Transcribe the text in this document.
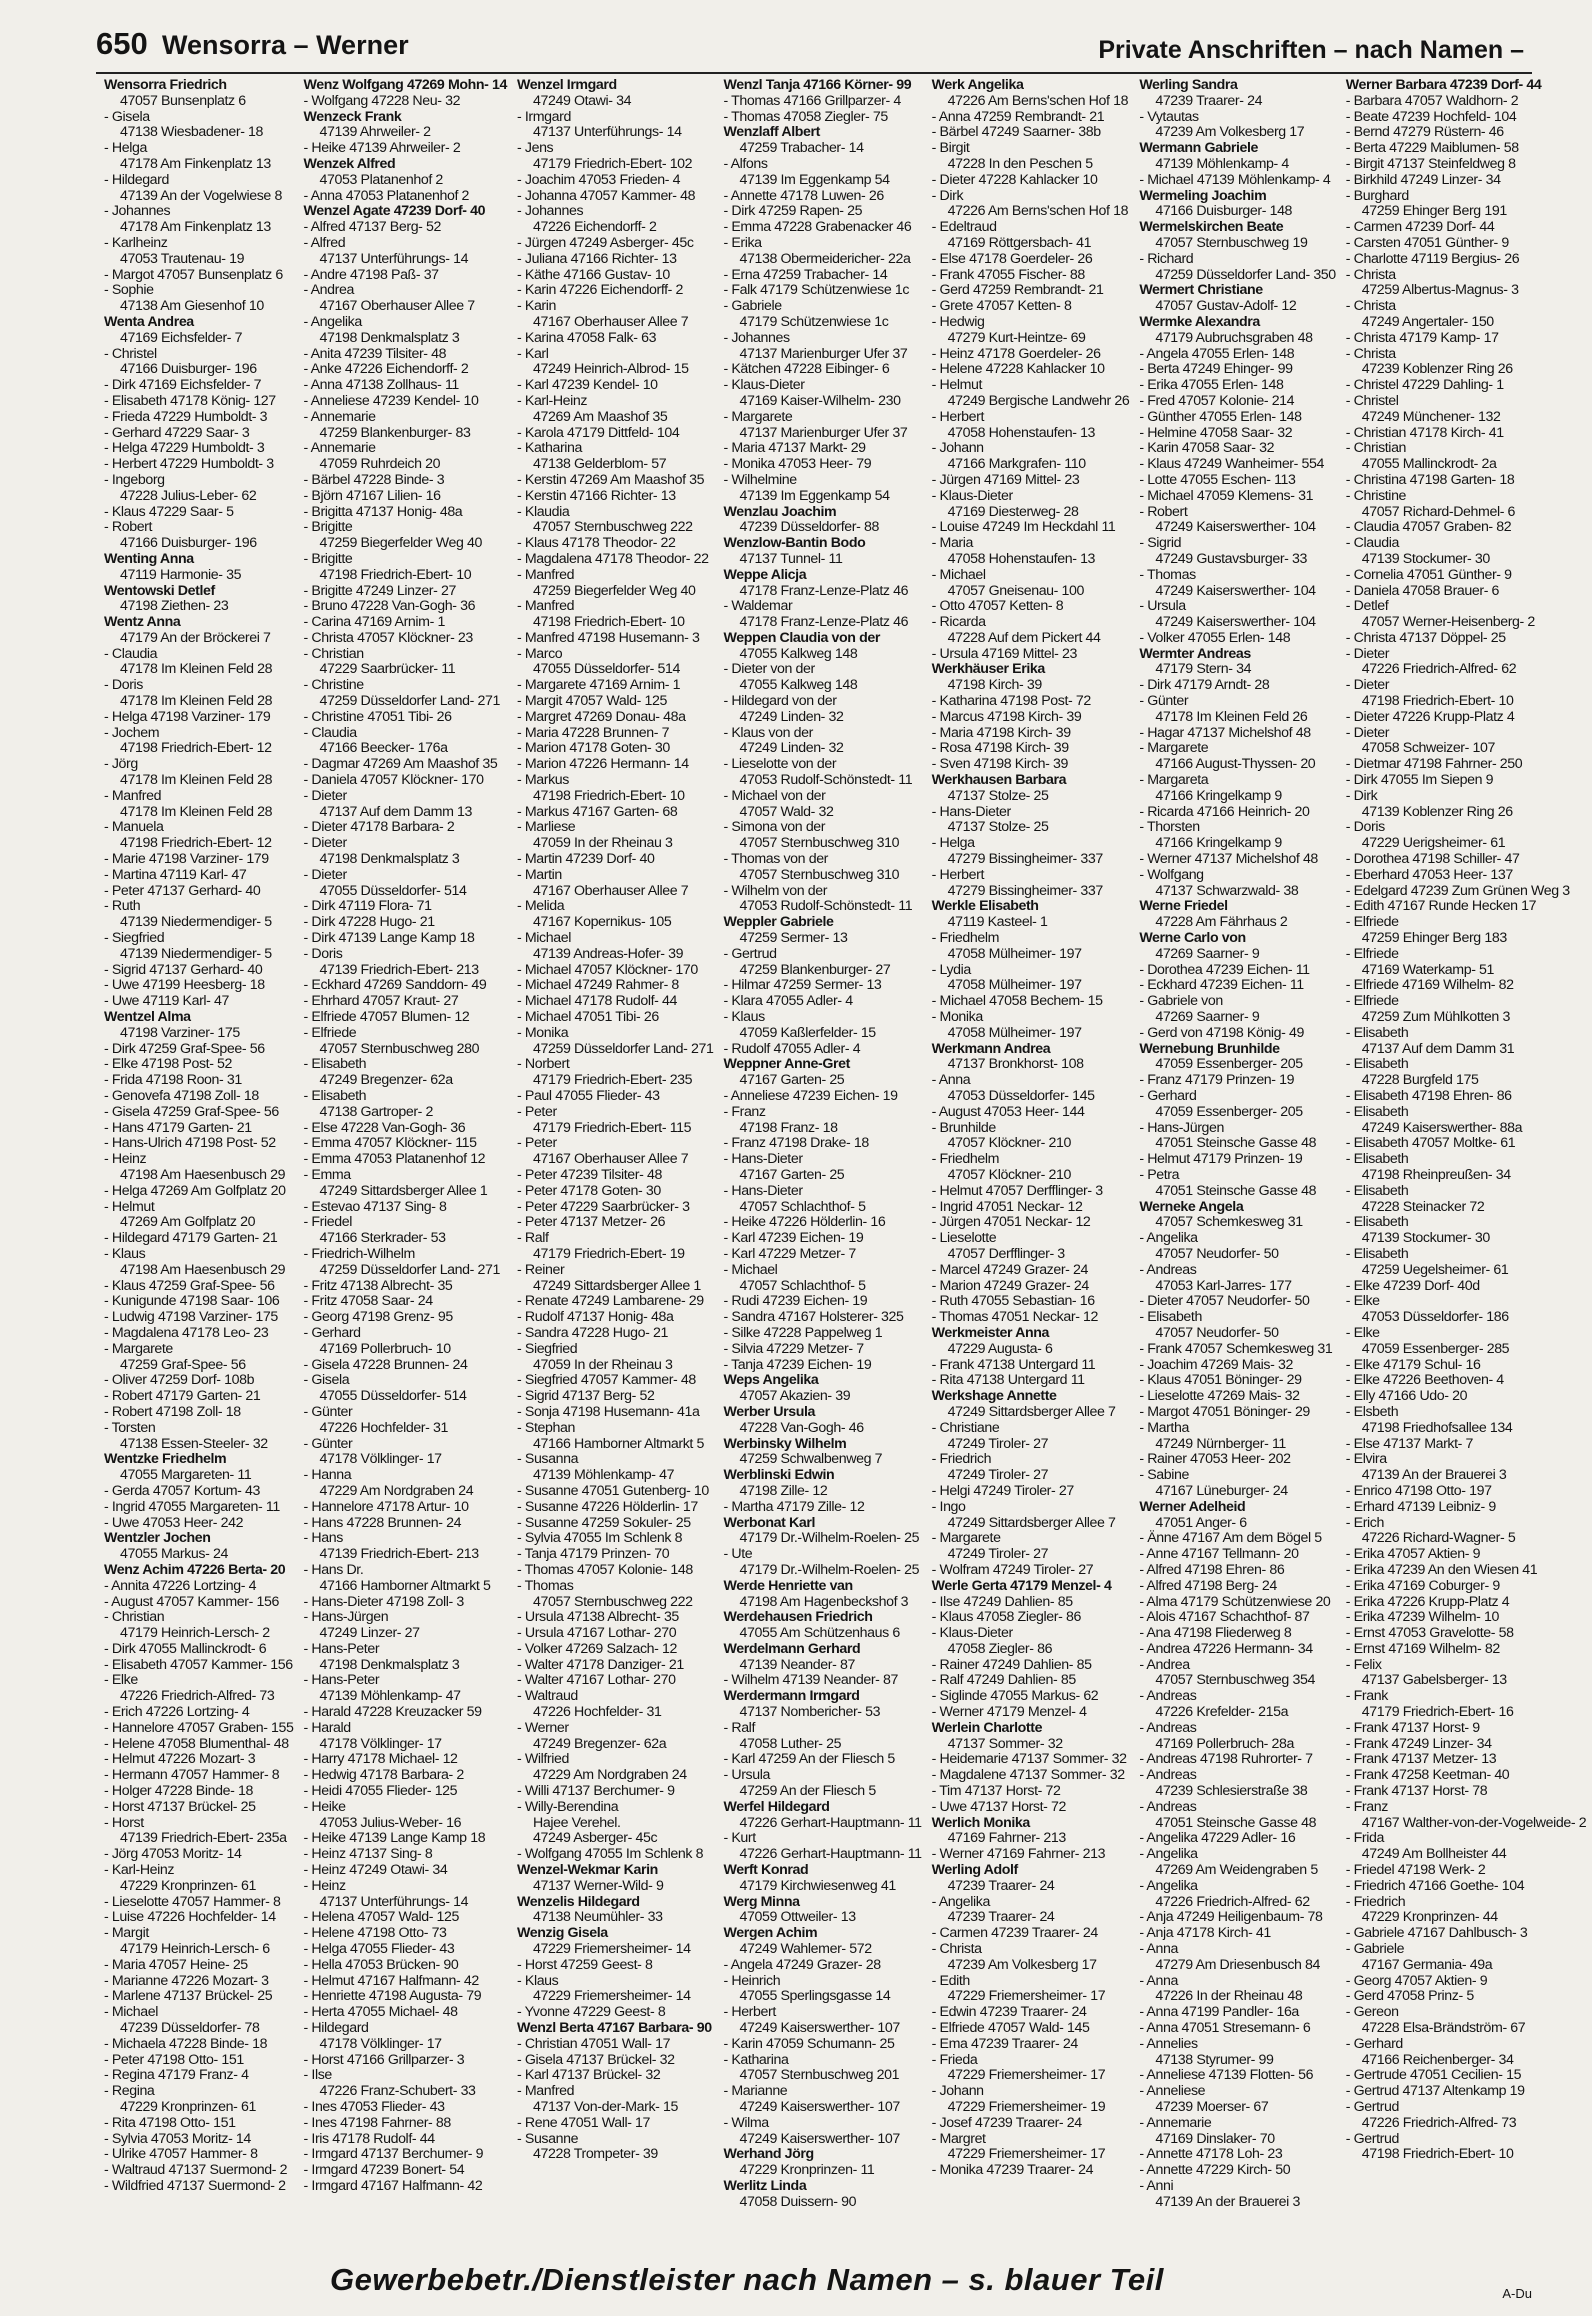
650 Wensorra – Werner	Private Anschriften – nach Namen –
Wensorra Friedrich
47057 Bunsenplatz 6
- Gisela
47138 Wiesbadener- 18
- Helga
47178 Am Finkenplatz 13
- Hildegard
47139 An der Vogelwiese 8
- Johannes
47178 Am Finkenplatz 13
- Karlheinz
47053 Trautenau- 19
- Margot 47057 Bunsenplatz 6
- Sophie
47138 Am Giesenhof 10
Wenta Andrea
47169 Eichsfelder- 7
- Christel
47166 Duisburger- 196
- Dirk 47169 Eichsfelder- 7
- Elisabeth 47178 König- 127
- Frieda 47229 Humboldt- 3
- Gerhard 47229 Saar- 3
- Helga 47229 Humboldt- 3
- Herbert 47229 Humboldt- 3
- Ingeborg
47228 Julius-Leber- 62
- Klaus 47229 Saar- 5
- Robert
47166 Duisburger- 196
Wenting Anna
47119 Harmonie- 35
Wentowski Detlef
47198 Ziethen- 23
Wentz Anna
47179 An der Bröckerei 7
- Claudia
47178 Im Kleinen Feld 28
- Doris
47178 Im Kleinen Feld 28
- Helga 47198 Varziner- 179
- Jochem
47198 Friedrich-Ebert- 12
- Jörg
47178 Im Kleinen Feld 28
- Manfred
47178 Im Kleinen Feld 28
- Manuela
47198 Friedrich-Ebert- 12
- Marie 47198 Varziner- 179
- Martina 47119 Karl- 47
- Peter 47137 Gerhard- 40
- Ruth
47139 Niedermendiger- 5
- Siegfried
47139 Niedermendiger- 5
- Sigrid 47137 Gerhard- 40
- Uwe 47199 Heesberg- 18
- Uwe 47119 Karl- 47
Wentzel Alma
47198 Varziner- 175
- Dirk 47259 Graf-Spee- 56
- Elke 47198 Post- 52
- Frida 47198 Roon- 31
- Genovefa 47198 Zoll- 18
- Gisela 47259 Graf-Spee- 56
- Hans 47179 Garten- 21
- Hans-Ulrich 47198 Post- 52
- Heinz
47198 Am Haesenbusch 29
- Helga 47269 Am Golfplatz 20
- Helmut
47269 Am Golfplatz 20
- Hildegard 47179 Garten- 21
- Klaus
47198 Am Haesenbusch 29
- Klaus 47259 Graf-Spee- 56
- Kunigunde 47198 Saar- 106
- Ludwig 47198 Varziner- 175
- Magdalena 47178 Leo- 23
- Margarete
47259 Graf-Spee- 56
- Oliver 47259 Dorf- 108b
- Robert 47179 Garten- 21
- Robert 47198 Zoll- 18
- Torsten
47138 Essen-Steeler- 32
Wentzke Friedhelm
47055 Margareten- 11
- Gerda 47057 Kortum- 43
- Ingrid 47055 Margareten- 11
- Uwe 47053 Heer- 242
Wentzler Jochen
47055 Markus- 24
Wenz Achim 47226 Berta- 20
- Annita 47226 Lortzing- 4
- August 47057 Kammer- 156
- Christian
47179 Heinrich-Lersch- 2
- Dirk 47055 Mallinckrodt- 6
- Elisabeth 47057 Kammer- 156
- Elke
47226 Friedrich-Alfred- 73
- Erich 47226 Lortzing- 4
- Hannelore 47057 Graben- 155
- Helene 47058 Blumenthal- 48
- Helmut 47226 Mozart- 3
- Hermann 47057 Hammer- 8
- Holger 47228 Binde- 18
- Horst 47137 Brückel- 25
- Horst
47139 Friedrich-Ebert- 235a
- Jörg 47053 Moritz- 14
- Karl-Heinz
47229 Kronprinzen- 61
- Lieselotte 47057 Hammer- 8
- Luise 47226 Hochfelder- 14
- Margit
47179 Heinrich-Lersch- 6
- Maria 47057 Heine- 25
- Marianne 47226 Mozart- 3
- Marlene 47137 Brückel- 25
- Michael
47239 Düsseldorfer- 78
- Michaela 47228 Binde- 18
- Peter 47198 Otto- 151
- Regina 47179 Franz- 4
- Regina
47229 Kronprinzen- 61
- Rita 47198 Otto- 151
- Sylvia 47053 Moritz- 14
- Ulrike 47057 Hammer- 8
- Waltraud 47137 Suermond- 2
- Wildfried 47137 Suermond- 2
Wenz Wolfgang 47269 Mohn- 14
- Wolfgang 47228 Neu- 32
Wenzeck Frank
47139 Ahrweiler- 2
- Heike 47139 Ahrweiler- 2
Wenzek Alfred
47053 Platanenhof 2
- Anna 47053 Platanenhof 2
Wenzel Agate 47239 Dorf- 40
- Alfred 47137 Berg- 52
- Alfred
47137 Unterführungs- 14
- Andre 47198 Paß- 37
- Andrea
47167 Oberhauser Allee 7
- Angelika
47198 Denkmalsplatz 3
- Anita 47239 Tilsiter- 48
- Anke 47226 Eichendorff- 2
- Anna 47138 Zollhaus- 11
- Anneliese 47239 Kendel- 10
- Annemarie
47259 Blankenburger- 83
- Annemarie
47059 Ruhrdeich 20
- Bärbel 47228 Binde- 3
- Björn 47167 Lilien- 16
- Brigitta 47137 Honig- 48a
- Brigitte
47259 Biegerfelder Weg 40
- Brigitte
47198 Friedrich-Ebert- 10
- Brigitte 47249 Linzer- 27
- Bruno 47228 Van-Gogh- 36
- Carina 47169 Arnim- 1
- Christa 47057 Klöckner- 23
- Christian
47229 Saarbrücker- 11
- Christine
47259 Düsseldorfer Land- 271
- Christine 47051 Tibi- 26
- Claudia
47166 Beecker- 176a
- Dagmar 47269 Am Maashof 35
- Daniela 47057 Klöckner- 170
- Dieter
47137 Auf dem Damm 13
- Dieter 47178 Barbara- 2
- Dieter
47198 Denkmalsplatz 3
- Dieter
47055 Düsseldorfer- 514
- Dirk 47119 Flora- 71
- Dirk 47228 Hugo- 21
- Dirk 47139 Lange Kamp 18
- Doris
47139 Friedrich-Ebert- 213
- Eckhard 47269 Sanddorn- 49
- Ehrhard 47057 Kraut- 27
- Elfriede 47057 Blumen- 12
- Elfriede
47057 Sternbuschweg 280
- Elisabeth
47249 Bregenzer- 62a
- Elisabeth
47138 Gartroper- 2
- Else 47228 Van-Gogh- 36
- Emma 47057 Klöckner- 115
- Emma 47053 Platanenhof 12
- Emma
47249 Sittardsberger Allee 1
- Estevao 47137 Sing- 8
- Friedel
47166 Sterkrader- 53
- Friedrich-Wilhelm
47259 Düsseldorfer Land- 271
- Fritz 47138 Albrecht- 35
- Fritz 47058 Saar- 24
- Georg 47198 Grenz- 95
- Gerhard
47169 Pollerbruch- 10
- Gisela 47228 Brunnen- 24
- Gisela
47055 Düsseldorfer- 514
- Günter
47226 Hochfelder- 31
- Günter
47178 Völklinger- 17
- Hanna
47229 Am Nordgraben 24
- Hannelore 47178 Artur- 10
- Hans 47228 Brunnen- 24
- Hans
47139 Friedrich-Ebert- 213
- Hans Dr.
47166 Hamborner Altmarkt 5
- Hans-Dieter 47198 Zoll- 3
- Hans-Jürgen
47249 Linzer- 27
- Hans-Peter
47198 Denkmalsplatz 3
- Hans-Peter
47139 Möhlenkamp- 47
- Harald 47228 Kreuzacker 59
- Harald
47178 Völklinger- 17
- Harry 47178 Michael- 12
- Hedwig 47178 Barbara- 2
- Heidi 47055 Flieder- 125
- Heike
47053 Julius-Weber- 16
- Heike 47139 Lange Kamp 18
- Heinz 47137 Sing- 8
- Heinz 47249 Otawi- 34
- Heinz
47137 Unterführungs- 14
- Helena 47057 Wald- 125
- Helene 47198 Otto- 73
- Helga 47055 Flieder- 43
- Hella 47053 Brücken- 90
- Helmut 47167 Halfmann- 42
- Henriette 47198 Augusta- 79
- Herta 47055 Michael- 48
- Hildegard
47178 Völklinger- 17
- Horst 47166 Grillparzer- 3
- Ilse
47226 Franz-Schubert- 33
- Ines 47053 Flieder- 43
- Ines 47198 Fahrner- 88
- Iris 47178 Rudolf- 44
- Irmgard 47137 Berchumer- 9
- Irmgard 47239 Bonert- 54
- Irmgard 47167 Halfmann- 42
Wenzel Irmgard
47249 Otawi- 34
- Irmgard
47137 Unterführungs- 14
- Jens
47179 Friedrich-Ebert- 102
- Joachim 47053 Frieden- 4
- Johanna 47057 Kammer- 48
- Johannes
47226 Eichendorff- 2
- Jürgen 47249 Asberger- 45c
- Juliana 47166 Richter- 13
- Käthe 47166 Gustav- 10
- Karin 47226 Eichendorff- 2
- Karin
47167 Oberhauser Allee 7
- Karina 47058 Falk- 63
- Karl
47249 Heinrich-Albrod- 15
- Karl 47239 Kendel- 10
- Karl-Heinz
47269 Am Maashof 35
- Karola 47179 Dittfeld- 104
- Katharina
47138 Gelderblom- 57
- Kerstin 47269 Am Maashof 35
- Kerstin 47166 Richter- 13
- Klaudia
47057 Sternbuschweg 222
- Klaus 47178 Theodor- 22
- Magdalena 47178 Theodor- 22
- Manfred
47259 Biegerfelder Weg 40
- Manfred
47198 Friedrich-Ebert- 10
- Manfred 47198 Husemann- 3
- Marco
47055 Düsseldorfer- 514
- Margarete 47169 Arnim- 1
- Margit 47057 Wald- 125
- Margret 47269 Donau- 48a
- Maria 47228 Brunnen- 7
- Marion 47178 Goten- 30
- Marion 47226 Hermann- 14
- Markus
47198 Friedrich-Ebert- 10
- Markus 47167 Garten- 68
- Marliese
47059 In der Rheinau 3
- Martin 47239 Dorf- 40
- Martin
47167 Oberhauser Allee 7
- Melida
47167 Kopernikus- 105
- Michael
47139 Andreas-Hofer- 39
- Michael 47057 Klöckner- 170
- Michael 47249 Rahmer- 8
- Michael 47178 Rudolf- 44
- Michael 47051 Tibi- 26
- Monika
47259 Düsseldorfer Land- 271
- Norbert
47179 Friedrich-Ebert- 235
- Paul 47055 Flieder- 43
- Peter
47179 Friedrich-Ebert- 115
- Peter
47167 Oberhauser Allee 7
- Peter 47239 Tilsiter- 48
- Peter 47178 Goten- 30
- Peter 47229 Saarbrücker- 3
- Peter 47137 Metzer- 26
- Ralf
47179 Friedrich-Ebert- 19
- Reiner
47249 Sittardsberger Allee 1
- Renate 47249 Lambarene- 29
- Rudolf 47137 Honig- 48a
- Sandra 47228 Hugo- 21
- Siegfried
47059 In der Rheinau 3
- Siegfried 47057 Kammer- 48
- Sigrid 47137 Berg- 52
- Sonja 47198 Husemann- 41a
- Stephan
47166 Hamborner Altmarkt 5
- Susanna
47139 Möhlenkamp- 47
- Susanne 47051 Gutenberg- 10
- Susanne 47226 Hölderlin- 17
- Susanne 47259 Sokuler- 25
- Sylvia 47055 Im Schlenk 8
- Tanja 47179 Prinzen- 70
- Thomas 47057 Kolonie- 148
- Thomas
47057 Sternbuschweg 222
- Ursula 47138 Albrecht- 35
- Ursula 47167 Lothar- 270
- Volker 47269 Salzach- 12
- Walter 47178 Danziger- 21
- Walter 47167 Lothar- 270
- Waltraud
47226 Hochfelder- 31
- Werner
47249 Bregenzer- 62a
- Wilfried
47229 Am Nordgraben 24
- Willi 47137 Berchumer- 9
- Willy-Berendina
Hajee Verehel.
47249 Asberger- 45c
- Wolfgang 47055 Im Schlenk 8
Wenzel-Wekmar Karin
47137 Werner-Wild- 9
Wenzelis Hildegard
47138 Neumühler- 33
Wenzig Gisela
47229 Friemersheimer- 14
- Horst 47259 Geest- 8
- Klaus
47229 Friemersheimer- 14
- Yvonne 47229 Geest- 8
Wenzl Berta 47167 Barbara- 90
- Christian 47051 Wall- 17
- Gisela 47137 Brückel- 32
- Karl 47137 Brückel- 32
- Manfred
47137 Von-der-Mark- 15
- Rene 47051 Wall- 17
- Susanne
47228 Trompeter- 39
Wenzl Tanja 47166 Körner- 99
- Thomas 47166 Grillparzer- 4
- Thomas 47058 Ziegler- 75
Wenzlaff Albert
47259 Trabacher- 14
- Alfons
47139 Im Eggenkamp 54
- Annette 47178 Luwen- 26
- Dirk 47259 Rapen- 25
- Emma 47228 Grabenacker 46
- Erika
47138 Obermeidericher- 22a
- Erna 47259 Trabacher- 14
- Falk 47179 Schützenwiese 1c
- Gabriele
47179 Schützenwiese 1c
- Johannes
47137 Marienburger Ufer 37
- Kätchen 47228 Eibinger- 6
- Klaus-Dieter
47169 Kaiser-Wilhelm- 230
- Margarete
47137 Marienburger Ufer 37
- Maria 47137 Markt- 29
- Monika 47053 Heer- 79
- Wilhelmine
47139 Im Eggenkamp 54
Wenzlau Joachim
47239 Düsseldorfer- 88
Wenzlow-Bantin Bodo
47137 Tunnel- 11
Weppe Alicja
47178 Franz-Lenze-Platz 46
- Waldemar
47178 Franz-Lenze-Platz 46
Weppen Claudia von der
47055 Kalkweg 148
- Dieter von der
47055 Kalkweg 148
- Hildegard von der
47249 Linden- 32
- Klaus von der
47249 Linden- 32
- Lieselotte von der
47053 Rudolf-Schönstedt- 11
- Michael von der
47057 Wald- 32
- Simona von der
47057 Sternbuschweg 310
- Thomas von der
47057 Sternbuschweg 310
- Wilhelm von der
47053 Rudolf-Schönstedt- 11
Weppler Gabriele
47259 Sermer- 13
- Gertrud
47259 Blankenburger- 27
- Hilmar 47259 Sermer- 13
- Klara 47055 Adler- 4
- Klaus
47059 Kaßlerfelder- 15
- Rudolf 47055 Adler- 4
Weppner Anne-Gret
47167 Garten- 25
- Anneliese 47239 Eichen- 19
- Franz
47198 Franz- 18
- Franz 47198 Drake- 18
- Hans-Dieter
47167 Garten- 25
- Hans-Dieter
47057 Schlachthof- 5
- Heike 47226 Hölderlin- 16
- Karl 47239 Eichen- 19
- Karl 47229 Metzer- 7
- Michael
47057 Schlachthof- 5
- Rudi 47239 Eichen- 19
- Sandra 47167 Holsterer- 325
- Silke 47228 Pappelweg 1
- Silvia 47229 Metzer- 7
- Tanja 47239 Eichen- 19
Weps Angelika
47057 Akazien- 39
Werber Ursula
47228 Van-Gogh- 46
Werbinsky Wilhelm
47259 Schwalbenweg 7
Werblinski Edwin
47198 Zille- 12
- Martha 47179 Zille- 12
Werbonat Karl
47179 Dr.-Wilhelm-Roelen- 25
- Ute
47179 Dr.-Wilhelm-Roelen- 25
Werde Henriette van
47198 Am Hagenbeckshof 3
Werdehausen Friedrich
47055 Am Schützenhaus 6
Werdelmann Gerhard
47139 Neander- 87
- Wilhelm 47139 Neander- 87
Werdermann Irmgard
47137 Nombericher- 53
- Ralf
47058 Luther- 25
- Karl 47259 An der Fliesch 5
- Ursula
47259 An der Fliesch 5
Werfel Hildegard
47226 Gerhart-Hauptmann- 11
- Kurt
47226 Gerhart-Hauptmann- 11
Werft Konrad
47179 Kirchwiesenweg 41
Werg Minna
47059 Ottweiler- 13
Wergen Achim
47249 Wahlemer- 572
- Angela 47249 Grazer- 28
- Heinrich
47055 Sperlingsgasse 14
- Herbert
47249 Kaiserswerther- 107
- Karin 47059 Schumann- 25
- Katharina
47057 Sternbuschweg 201
- Marianne
47249 Kaiserswerther- 107
- Wilma
47249 Kaiserswerther- 107
Werhand Jörg
47229 Kronprinzen- 11
Werlitz Linda
47058 Duissern- 90
Werk Angelika
47226 Am Berns'schen Hof 18
- Anna 47259 Rembrandt- 21
- Bärbel 47249 Saarner- 38b
- Birgit
47228 In den Peschen 5
- Dieter 47228 Kahlacker 10
- Dirk
47226 Am Berns'schen Hof 18
- Edeltraud
47169 Röttgersbach- 41
- Else 47178 Goerdeler- 26
- Frank 47055 Fischer- 88
- Gerd 47259 Rembrandt- 21
- Grete 47057 Ketten- 8
- Hedwig
47279 Kurt-Heintze- 69
- Heinz 47178 Goerdeler- 26
- Helene 47228 Kahlacker 10
- Helmut
47249 Bergische Landwehr 26
- Herbert
47058 Hohenstaufen- 13
- Johann
47166 Markgrafen- 110
- Jürgen 47169 Mittel- 23
- Klaus-Dieter
47169 Diesterweg- 28
- Louise 47249 Im Heckdahl 11
- Maria
47058 Hohenstaufen- 13
- Michael
47057 Gneisenau- 100
- Otto 47057 Ketten- 8
- Ricarda
47228 Auf dem Pickert 44
- Ursula 47169 Mittel- 23
Werkhäuser Erika
47198 Kirch- 39
- Katharina 47198 Post- 72
- Marcus 47198 Kirch- 39
- Maria 47198 Kirch- 39
- Rosa 47198 Kirch- 39
- Sven 47198 Kirch- 39
Werkhausen Barbara
47137 Stolze- 25
- Hans-Dieter
47137 Stolze- 25
- Helga
47279 Bissingheimer- 337
- Herbert
47279 Bissingheimer- 337
Werkle Elisabeth
47119 Kasteel- 1
- Friedhelm
47058 Mülheimer- 197
- Lydia
47058 Mülheimer- 197
- Michael 47058 Bechem- 15
- Monika
47058 Mülheimer- 197
Werkmann Andrea
47137 Bronkhorst- 108
- Anna
47053 Düsseldorfer- 145
- August 47053 Heer- 144
- Brunhilde
47057 Klöckner- 210
- Friedhelm
47057 Klöckner- 210
- Helmut 47057 Derfflinger- 3
- Ingrid 47051 Neckar- 12
- Jürgen 47051 Neckar- 12
- Lieselotte
47057 Derfflinger- 3
- Marcel 47249 Grazer- 24
- Marion 47249 Grazer- 24
- Ruth 47055 Sebastian- 16
- Thomas 47051 Neckar- 12
Werkmeister Anna
47229 Augusta- 6
- Frank 47138 Untergard 11
- Rita 47138 Untergard 11
Werkshage Annette
47249 Sittardsberger Allee 7
- Christiane
47249 Tiroler- 27
- Friedrich
47249 Tiroler- 27
- Helgi 47249 Tiroler- 27
- Ingo
47249 Sittardsberger Allee 7
- Margarete
47249 Tiroler- 27
- Wolfram 47249 Tiroler- 27
Werle Gerta 47179 Menzel- 4
- Ilse 47249 Dahlien- 85
- Klaus 47058 Ziegler- 86
- Klaus-Dieter
47058 Ziegler- 86
- Rainer 47249 Dahlien- 85
- Ralf 47249 Dahlien- 85
- Siglinde 47055 Markus- 62
- Werner 47179 Menzel- 4
Werlein Charlotte
47137 Sommer- 32
- Heidemarie 47137 Sommer- 32
- Magdalene 47137 Sommer- 32
- Tim 47137 Horst- 72
- Uwe 47137 Horst- 72
Werlich Monika
47169 Fahrner- 213
- Werner 47169 Fahrner- 213
Werling Adolf
47239 Traarer- 24
- Angelika
47239 Traarer- 24
- Carmen 47239 Traarer- 24
- Christa
47239 Am Volkesberg 17
- Edith
47229 Friemersheimer- 17
- Edwin 47239 Traarer- 24
- Elfriede 47057 Wald- 145
- Ema 47239 Traarer- 24
- Frieda
47229 Friemersheimer- 17
- Johann
47229 Friemersheimer- 19
- Josef 47239 Traarer- 24
- Margret
47229 Friemersheimer- 17
- Monika 47239 Traarer- 24
Werling Sandra
47239 Traarer- 24
- Vytautas
47239 Am Volkesberg 17
Wermann Gabriele
47139 Möhlenkamp- 4
- Michael 47139 Möhlenkamp- 4
Wermeling Joachim
47166 Duisburger- 148
Wermelskirchen Beate
47057 Sternbuschweg 19
- Richard
47259 Düsseldorfer Land- 350
Wermert Christiane
47057 Gustav-Adolf- 12
Wermke Alexandra
47179 Aubruchsgraben 48
- Angela 47055 Erlen- 148
- Berta 47249 Ehinger- 99
- Erika 47055 Erlen- 148
- Fred 47057 Kolonie- 214
- Günther 47055 Erlen- 148
- Helmine 47058 Saar- 32
- Karin 47058 Saar- 32
- Klaus 47249 Wanheimer- 554
- Lotte 47055 Eschen- 113
- Michael 47059 Klemens- 31
- Robert
47249 Kaiserswerther- 104
- Sigrid
47249 Gustavsburger- 33
- Thomas
47249 Kaiserswerther- 104
- Ursula
47249 Kaiserswerther- 104
- Volker 47055 Erlen- 148
Wermter Andreas
47179 Stern- 34
- Dirk 47179 Arndt- 28
- Günter
47178 Im Kleinen Feld 26
- Hagar 47137 Michelshof 48
- Margarete
47166 August-Thyssen- 20
- Margareta
47166 Kringelkamp 9
- Ricarda 47166 Heinrich- 20
- Thorsten
47166 Kringelkamp 9
- Werner 47137 Michelshof 48
- Wolfgang
47137 Schwarzwald- 38
Werne Friedel
47228 Am Fährhaus 2
Werne Carlo von
47269 Saarner- 9
- Dorothea 47239 Eichen- 11
- Eckhard 47239 Eichen- 11
- Gabriele von
47269 Saarner- 9
- Gerd von 47198 König- 49
Wernebung Brunhilde
47059 Essenberger- 205
- Franz 47179 Prinzen- 19
- Gerhard
47059 Essenberger- 205
- Hans-Jürgen
47051 Steinsche Gasse 48
- Helmut 47179 Prinzen- 19
- Petra
47051 Steinsche Gasse 48
Werneke Angela
47057 Schemkesweg 31
- Angelika
47057 Neudorfer- 50
- Andreas
47053 Karl-Jarres- 177
- Dieter 47057 Neudorfer- 50
- Elisabeth
47057 Neudorfer- 50
- Frank 47057 Schemkesweg 31
- Joachim 47269 Mais- 32
- Klaus 47051 Böninger- 29
- Lieselotte 47269 Mais- 32
- Margot 47051 Böninger- 29
- Martha
47249 Nürnberger- 11
- Rainer 47053 Heer- 202
- Sabine
47167 Lüneburger- 24
Werner Adelheid
47051 Anger- 6
- Änne 47167 Am dem Bögel 5
- Anne 47167 Tellmann- 20
- Alfred 47198 Ehren- 86
- Alfred 47198 Berg- 24
- Alma 47179 Schützenwiese 20
- Alois 47167 Schachthof- 87
- Ana 47198 Fliederweg 8
- Andrea 47226 Hermann- 34
- Andrea
47057 Sternbuschweg 354
- Andreas
47226 Krefelder- 215a
- Andreas
47169 Pollerbruch- 28a
- Andreas 47198 Ruhrorter- 7
- Andreas
47239 Schlesierstraße 38
- Andreas
47051 Steinsche Gasse 48
- Angelika 47229 Adler- 16
- Angelika
47269 Am Weidengraben 5
- Angelika
47226 Friedrich-Alfred- 62
- Anja 47249 Heiligenbaum- 78
- Anja 47178 Kirch- 41
- Anna
47279 Am Driesenbusch 84
- Anna
47226 In der Rheinau 48
- Anna 47199 Pandler- 16a
- Anna 47051 Stresemann- 6
- Annelies
47138 Styrumer- 99
- Anneliese 47139 Flotten- 56
- Anneliese
47239 Moerser- 67
- Annemarie
47169 Dinslaker- 70
- Annette 47178 Loh- 23
- Annette 47229 Kirch- 50
- Anni
47139 An der Brauerei 3
Werner Barbara 47239 Dorf- 44
- Barbara 47057 Waldhorn- 2
- Beate 47239 Hochfeld- 104
- Bernd 47279 Rüstern- 46
- Berta 47229 Maiblumen- 58
- Birgit 47137 Steinfeldweg 8
- Birkhild 47249 Linzer- 34
- Burghard
47259 Ehinger Berg 191
- Carmen 47239 Dorf- 44
- Carsten 47051 Günther- 9
- Charlotte 47119 Bergius- 26
- Christa
47259 Albertus-Magnus- 3
- Christa
47249 Angertaler- 150
- Christa 47179 Kamp- 17
- Christa
47239 Koblenzer Ring 26
- Christel 47229 Dahling- 1
- Christel
47249 Münchener- 132
- Christian 47178 Kirch- 41
- Christian
47055 Mallinckrodt- 2a
- Christina 47198 Garten- 18
- Christine
47057 Richard-Dehmel- 6
- Claudia 47057 Graben- 82
- Claudia
47139 Stockumer- 30
- Cornelia 47051 Günther- 9
- Daniela 47058 Brauer- 6
- Detlef
47057 Werner-Heisenberg- 2
- Christa 47137 Döppel- 25
- Dieter
47226 Friedrich-Alfred- 62
- Dieter
47198 Friedrich-Ebert- 10
- Dieter 47226 Krupp-Platz 4
- Dieter
47058 Schweizer- 107
- Dietmar 47198 Fahrner- 250
- Dirk 47055 Im Siepen 9
- Dirk
47139 Koblenzer Ring 26
- Doris
47229 Uerigsheimer- 61
- Dorothea 47198 Schiller- 47
- Eberhard 47053 Heer- 137
- Edelgard 47239 Zum Grünen Weg 3
- Edith 47167 Runde Hecken 17
- Elfriede
47259 Ehinger Berg 183
- Elfriede
47169 Waterkamp- 51
- Elfriede 47169 Wilhelm- 82
- Elfriede
47259 Zum Mühlkotten 3
- Elisabeth
47137 Auf dem Damm 31
- Elisabeth
47228 Burgfeld 175
- Elisabeth 47198 Ehren- 86
- Elisabeth
47249 Kaiserswerther- 88a
- Elisabeth 47057 Moltke- 61
- Elisabeth
47198 Rheinpreußen- 34
- Elisabeth
47228 Steinacker 72
- Elisabeth
47139 Stockumer- 30
- Elisabeth
47259 Uegelsheimer- 61
- Elke 47239 Dorf- 40d
- Elke
47053 Düsseldorfer- 186
- Elke
47059 Essenberger- 285
- Elke 47179 Schul- 16
- Elke 47226 Beethoven- 4
- Elly 47166 Udo- 20
- Elsbeth
47198 Friedhofsallee 134
- Else 47137 Markt- 7
- Elvira
47139 An der Brauerei 3
- Enrico 47198 Otto- 197
- Erhard 47139 Leibniz- 9
- Erich
47226 Richard-Wagner- 5
- Erika 47057 Aktien- 9
- Erika 47239 An den Wiesen 41
- Erika 47169 Coburger- 9
- Erika 47226 Krupp-Platz 4
- Erika 47239 Wilhelm- 10
- Ernst 47053 Gravelotte- 58
- Ernst 47169 Wilhelm- 82
- Felix
47137 Gabelsberger- 13
- Frank
47179 Friedrich-Ebert- 16
- Frank 47137 Horst- 9
- Frank 47249 Linzer- 34
- Frank 47137 Metzer- 13
- Frank 47258 Keetman- 40
- Frank 47137 Horst- 78
- Franz
47167 Walther-von-der-Vogelweide- 2
- Frida
47249 Am Bollheister 44
- Friedel 47198 Werk- 2
- Friedrich 47166 Goethe- 104
- Friedrich
47229 Kronprinzen- 44
- Gabriele 47167 Dahlbusch- 3
- Gabriele
47167 Germania- 49a
- Georg 47057 Aktien- 9
- Gerd 47058 Prinz- 5
- Gereon
47228 Elsa-Brändström- 67
- Gerhard
47166 Reichenberger- 34
- Gertrude 47051 Cecilien- 15
- Gertrud 47137 Altenkamp 19
- Gertrud
47226 Friedrich-Alfred- 73
- Gertrud
47198 Friedrich-Ebert- 10
Gewerbebetr./Dienstleister nach Namen – s. blauer Teil	A-Du
